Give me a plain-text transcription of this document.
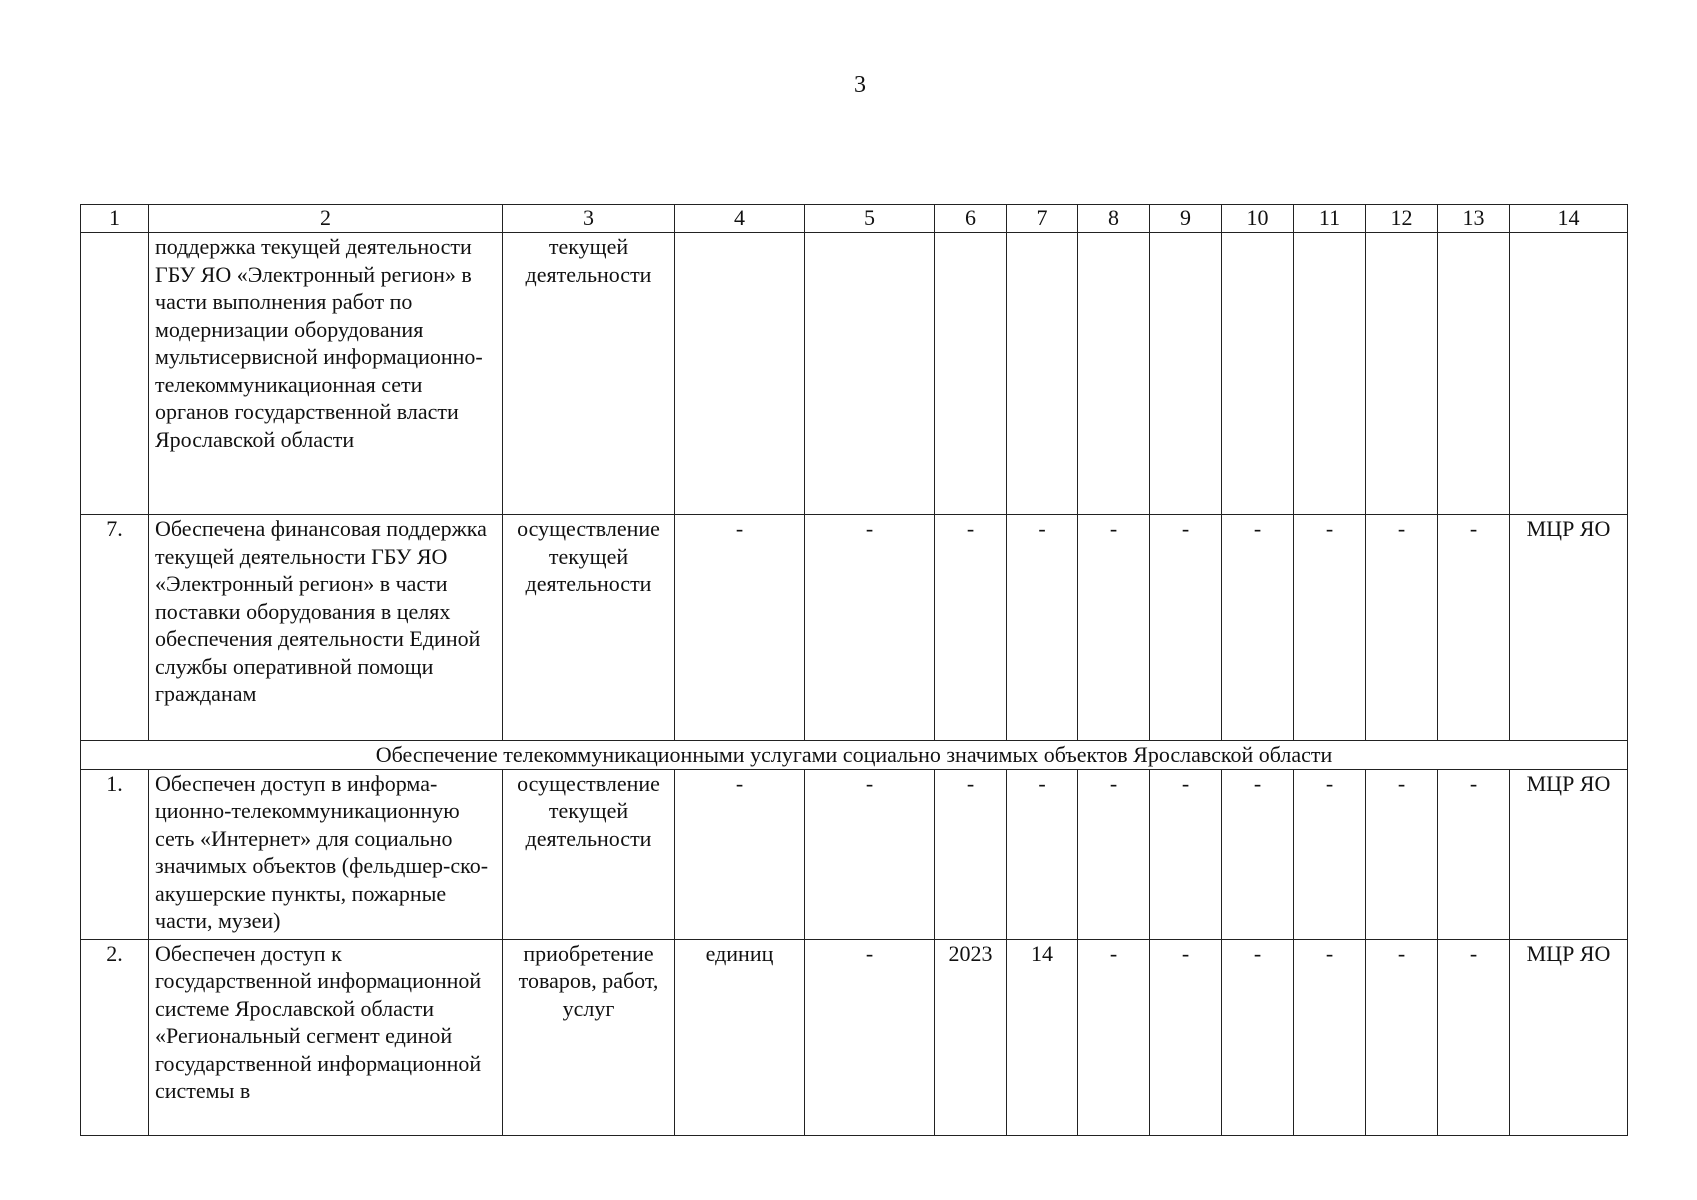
3
1	2	3	4	5	6	7	8	9	10	11	12	13	14
	поддержка текущей деятельности ГБУ ЯО «Электронный регион» в части выполнения работ по модернизации оборудования мультисервисной информационно-телекоммуникационная сети органов государственной власти Ярославской области	текущей деятельности											
7.	Обеспечена финансовая поддержка текущей деятельности ГБУ ЯО «Электронный регион» в части поставки оборудования в целях обеспечения деятельности Единой службы оперативной помощи гражданам	осуществление текущей деятельности	-	-	-	-	-	-	-	-	-	-	МЦР ЯО
Обеспечение телекоммуникационными услугами социально значимых объектов Ярославской области													
1.	Обеспечен доступ в информа-ционно-телекоммуникационную сеть «Интернет» для социально значимых объектов (фельдшер-ско-акушерские пункты, пожарные части, музеи)	осуществление текущей деятельности	-	-	-	-	-	-	-	-	-	-	МЦР ЯО
2.	Обеспечен доступ к государственной информационной системе Ярославской области «Региональный сегмент единой государственной информационной системы в	приобретение товаров, работ, услуг	единиц	-	2023	14	-	-	-	-	-	-	МЦР ЯО
